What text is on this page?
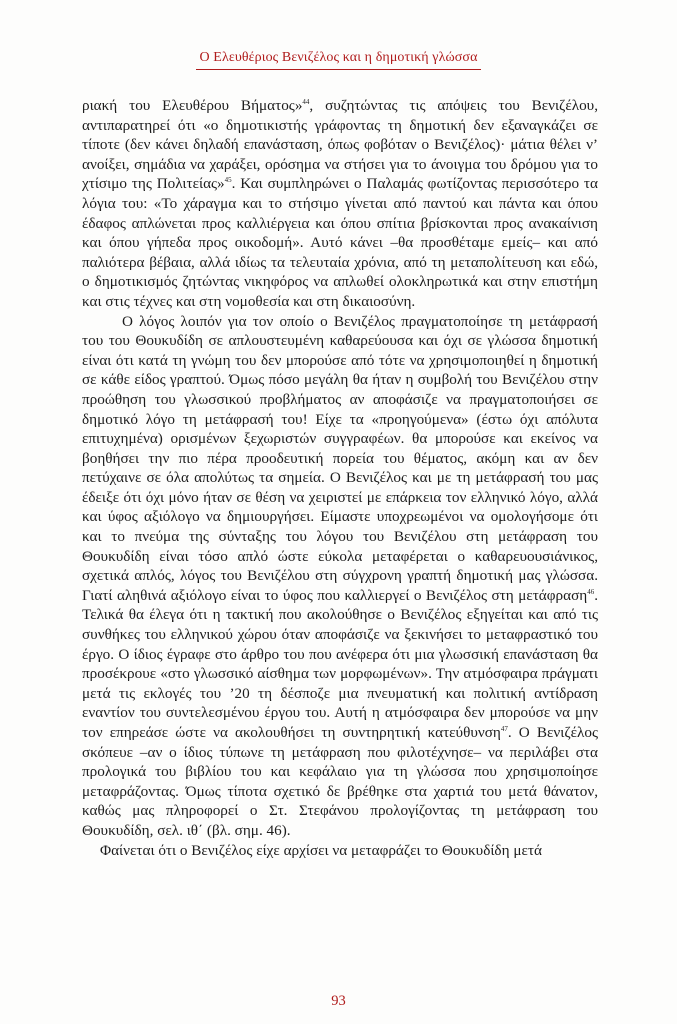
Ο Ελευθέριος Βενιζέλος και η δημοτική γλώσσα

ριακή του Ελευθέρου Βήματος»$^{44}$, συζητώντας τις απόψεις του Βενιζέλου, αντιπαρατηρεί ότι «ο δημοτικιστής γράφοντας τη δημοτική δεν εξαναγκάζει σε τίποτε (δεν κάνει δηλαδή επανάσταση, όπως φοβόταν ο Βενιζέλος)· μάτια θέλει ν’ ανοίξει, σημάδια να χαράξει, ορόσημα να στήσει για το άνοιγμα του δρόμου για το χτίσιμο της Πολιτείας»$^{45}$. Και συμπληρώνει ο Παλαμάς φωτίζοντας περισσότερο τα λόγια του: «Το χάραγμα και το στήσιμο γίνεται από παντού και πάντα και όπου έδαφος απλώνεται προς καλλιέργεια και όπου σπίτια βρίσκονται προς ανακαίνιση και όπου γήπεδα προς οικοδομή». Αυτό κάνει –θα προσθέταμε εμείς– και από παλιότερα βέβαια, αλλά ιδίως τα τελευταία χρόνια, από τη μεταπολίτευση και εδώ, ο δημοτικισμός ζητώντας νικηφόρος να απλωθεί ολοκληρωτικά και στην επιστήμη και στις τέχνες και στη νομοθεσία και στη δικαιοσύνη.

Ο λόγος λοιπόν για τον οποίο ο Βενιζέλος πραγματοποίησε τη μετάφρασή του του Θουκυδίδη σε απλουστευμένη καθαρεύουσα και όχι σε γλώσσα δημοτική είναι ότι κατά τη γνώμη του δεν μπορούσε από τότε να χρησιμοποιηθεί η δημοτική σε κάθε είδος γραπτού. Όμως πόσο μεγάλη θα ήταν η συμβολή του Βενιζέλου στην προώθηση του γλωσσικού προβλήματος αν αποφάσιζε να πραγματοποιήσει σε δημοτικό λόγο τη μετάφρασή του! Είχε τα «προηγούμενα» (έστω όχι απόλυτα επιτυχημένα) ορισμένων ξεχωριστών συγγραφέων. θα μπορούσε και εκείνος να βοηθήσει την πιο πέρα προοδευτική πορεία του θέματος, ακόμη και αν δεν πετύχαινε σε όλα απολύτως τα σημεία. Ο Βενιζέλος και με τη μετάφρασή του μας έδειξε ότι όχι μόνο ήταν σε θέση να χειριστεί με επάρκεια τον ελληνικό λόγο, αλλά και ύφος αξιόλογο να δημιουργήσει. Είμαστε υποχρεωμένοι να ομολογήσομε ότι και το πνεύμα της σύνταξης του λόγου του Βενιζέλου στη μετάφραση του Θουκυδίδη είναι τόσο απλό ώστε εύκολα μεταφέρεται ο καθαρευουσιάνικος, σχετικά απλός, λόγος του Βενιζέλου στη σύγχρονη γραπτή δημοτική μας γλώσσα. Γιατί αληθινά αξιόλογο είναι το ύφος που καλλιεργεί ο Βενιζέλος στη μετάφραση$^{46}$. Τελικά θα έλεγα ότι η τακτική που ακολούθησε ο Βενιζέλος εξηγείται και από τις συνθήκες του ελληνικού χώρου όταν αποφάσιζε να ξεκινήσει το μεταφραστικό του έργο. Ο ίδιος έγραφε στο άρθρο του που ανέφερα ότι μια γλωσσική επανάσταση θα προσέκρουε «στο γλωσσικό αίσθημα των μορφωμένων». Την ατμόσφαιρα πράγματι μετά τις εκλογές του ’20 τη δέσποζε μια πνευματική και πολιτική αντίδραση εναντίον του συντελεσμένου έργου του. Αυτή η ατμόσφαιρα δεν μπορούσε να μην τον επηρεάσε ώστε να ακολουθήσει τη συντηρητική κατεύθυνση$^{47}$. Ο Βενιζέλος σκόπευε –αν ο ίδιος τύπωνε τη μετάφραση που φιλοτέχνησε– να περιλάβει στα προλογικά του βιβλίου του και κεφάλαιο για τη γλώσσα που χρησιμοποίησε μεταφράζοντας. Όμως τίποτα σχετικό δε βρέθηκε στα χαρτιά του μετά θάνατον, καθώς μας πληροφορεί ο Στ. Στεφάνου προλογίζοντας τη μετάφραση του Θουκυδίδη, σελ. ιθ΄ (βλ. σημ. 46).

Φαίνεται ότι ο Βενιζέλος είχε αρχίσει να μεταφράζει το Θουκυδίδη μετά

93
